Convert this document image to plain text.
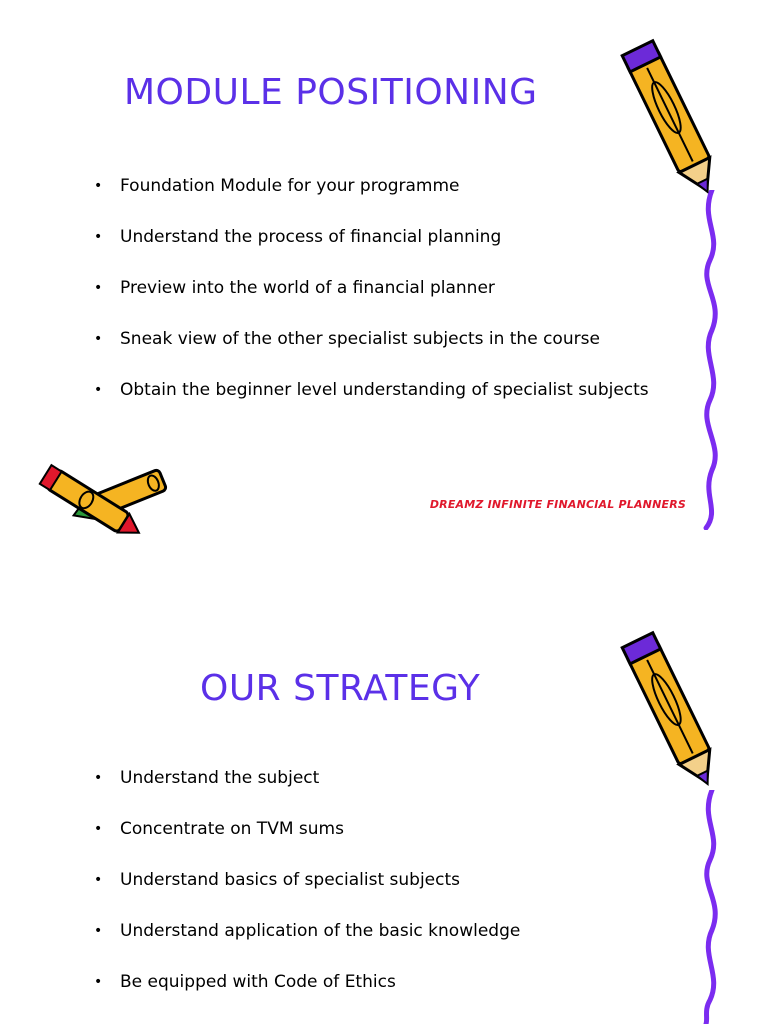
MODULE POSITIONING
• Foundation Module for your programme
• Understand the process of financial planning
• Preview into the world of a financial planner
• Sneak view of the other specialist subjects in the course
• Obtain the beginner level understanding of specialist subjects
DREAMZ INFINITE FINANCIAL PLANNERS
OUR STRATEGY
• Understand the subject
• Concentrate on TVM sums
• Understand basics of specialist subjects
• Understand application of the basic knowledge
• Be equipped with Code of Ethics
